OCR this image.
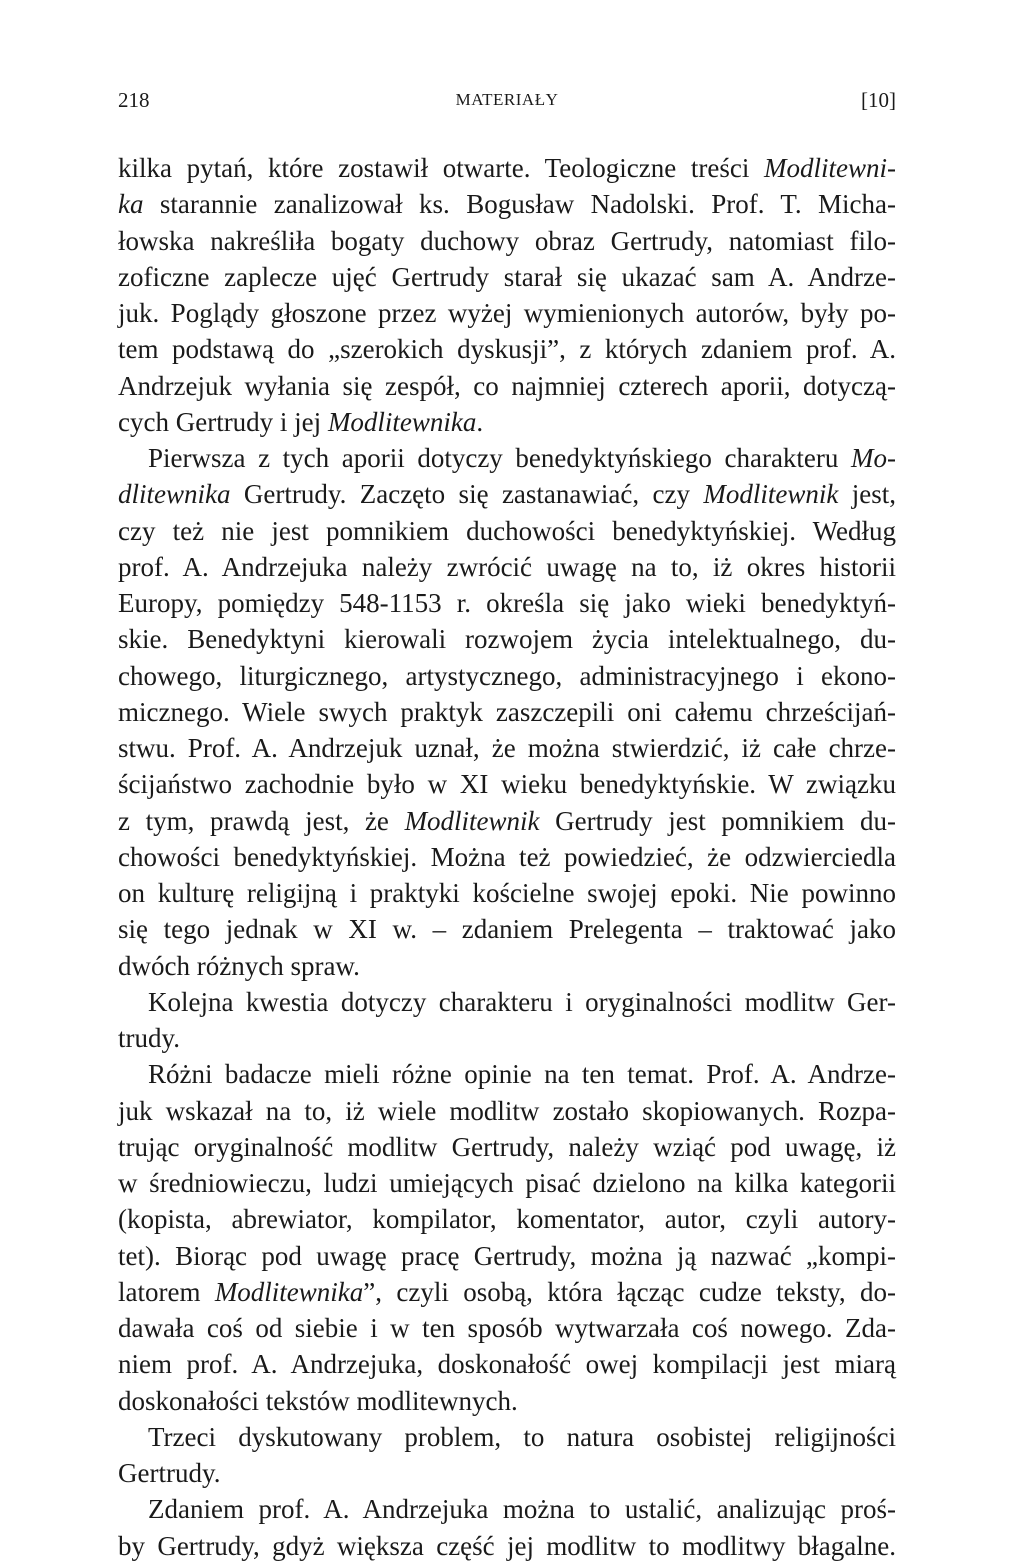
218	MATERIAŁY	[10]
kilka pytań, które zostawił otwarte. Teologiczne treści Modlitewni-
ka starannie zanalizował ks. Bogusław Nadolski. Prof. T. Micha-
łowska nakreśliła bogaty duchowy obraz Gertrudy, natomiast filo-
zoficzne zaplecze ujęć Gertrudy starał się ukazać sam A. Andrze-
juk. Poglądy głoszone przez wyżej wymienionych autorów, były po-
tem podstawą do „szerokich dyskusji”, z których zdaniem prof. A.
Andrzejuk wyłania się zespół, co najmniej czterech aporii, dotyczą-
cych Gertrudy i jej Modlitewnika.
Pierwsza z tych aporii dotyczy benedyktyńskiego charakteru Mo-
dlitewnika Gertrudy. Zaczęto się zastanawiać, czy Modlitewnik jest,
czy też nie jest pomnikiem duchowości benedyktyńskiej. Według
prof. A. Andrzejuka należy zwrócić uwagę na to, iż okres historii
Europy, pomiędzy 548-1153 r. określa się jako wieki benedyktyń-
skie. Benedyktyni kierowali rozwojem życia intelektualnego, du-
chowego, liturgicznego, artystycznego, administracyjnego i ekono-
micznego. Wiele swych praktyk zaszczepili oni całemu chrześcijań-
stwu. Prof. A. Andrzejuk uznał, że można stwierdzić, iż całe chrze-
ścijaństwo zachodnie było w XI wieku benedyktyńskie. W związku
z tym, prawdą jest, że Modlitewnik Gertrudy jest pomnikiem du-
chowości benedyktyńskiej. Można też powiedzieć, że odzwierciedla
on kulturę religijną i praktyki kościelne swojej epoki. Nie powinno
się tego jednak w XI w. – zdaniem Prelegenta – traktować jako
dwóch różnych spraw.
Kolejna kwestia dotyczy charakteru i oryginalności modlitw Ger-
trudy.
Różni badacze mieli różne opinie na ten temat. Prof. A. Andrze-
juk wskazał na to, iż wiele modlitw zostało skopiowanych. Rozpa-
trując oryginalność modlitw Gertrudy, należy wziąć pod uwagę, iż
w średniowieczu, ludzi umiejących pisać dzielono na kilka kategorii
(kopista, abrewiator, kompilator, komentator, autor, czyli autory-
tet). Biorąc pod uwagę pracę Gertrudy, można ją nazwać „kompi-
latorem Modlitewnika”, czyli osobą, która łącząc cudze teksty, do-
dawała coś od siebie i w ten sposób wytwarzała coś nowego. Zda-
niem prof. A. Andrzejuka, doskonałość owej kompilacji jest miarą
doskonałości tekstów modlitewnych.
Trzeci dyskutowany problem, to natura osobistej religijności
Gertrudy.
Zdaniem prof. A. Andrzejuka można to ustalić, analizując proś-
by Gertrudy, gdyż większa część jej modlitw to modlitwy błagalne.
